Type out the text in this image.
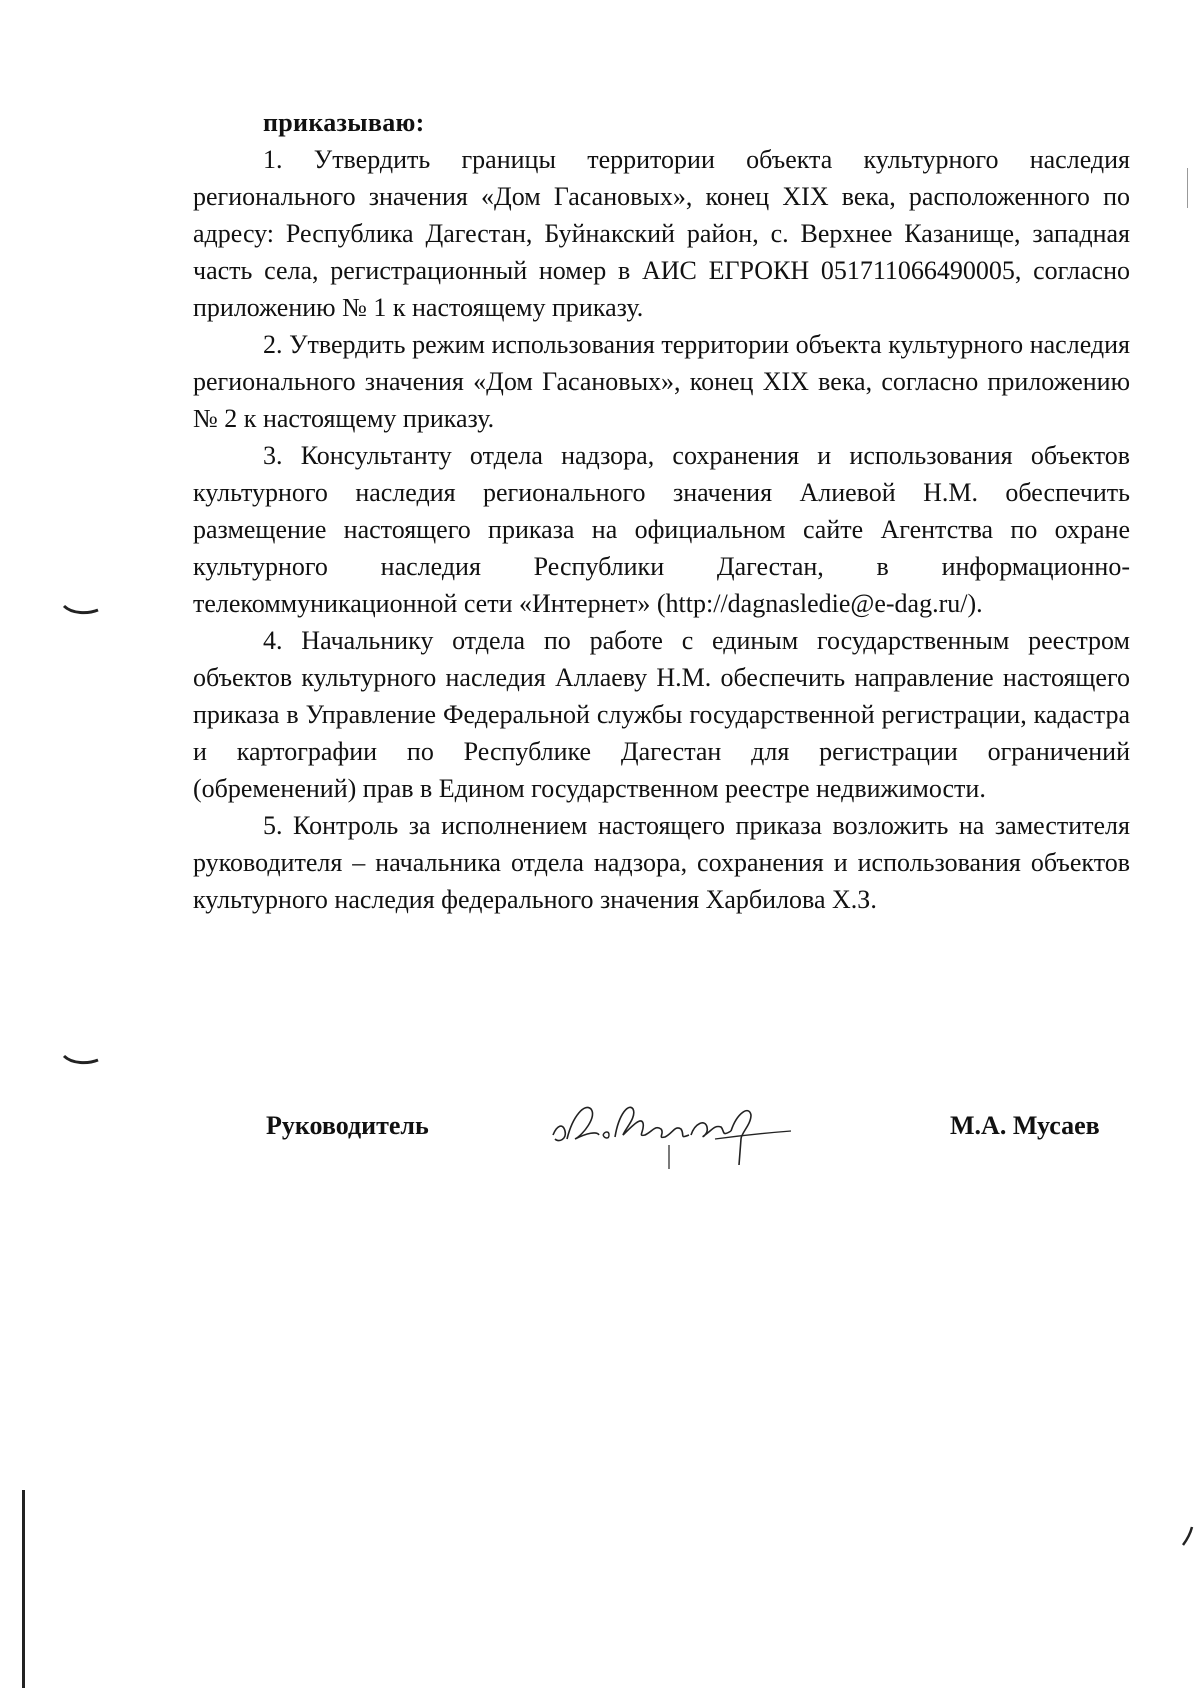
приказываю:

1. Утвердить границы территории объекта культурного наследия регионального значения «Дом Гасановых», конец XIX века, расположенного по адресу: Республика Дагестан, Буйнакский район, с. Верхнее Казанище, западная часть села, регистрационный номер в АИС ЕГРОКН 051711066490005, согласно приложению № 1 к настоящему приказу.

2. Утвердить режим использования территории объекта культурного наследия регионального значения «Дом Гасановых», конец XIX века, согласно приложению № 2 к настоящему приказу.

3. Консультанту отдела надзора, сохранения и использования объектов культурного наследия регионального значения Алиевой Н.М. обеспечить размещение настоящего приказа на официальном сайте Агентства по охране культурного наследия Республики Дагестан, в информационно-телекоммуникационной сети «Интернет» (http://dagnasledie@e-dag.ru/).

4. Начальнику отдела по работе с единым государственным реестром объектов культурного наследия Аллаеву Н.М. обеспечить направление настоящего приказа в Управление Федеральной службы государственной регистрации, кадастра и картографии по Республике Дагестан для регистрации ограничений (обременений) прав в Едином государственном реестре недвижимости.

5. Контроль за исполнением настоящего приказа возложить на заместителя руководителя – начальника отдела надзора, сохранения и использования объектов культурного наследия федерального значения Харбилова Х.З.

Руководитель	М.А. Мусаев
